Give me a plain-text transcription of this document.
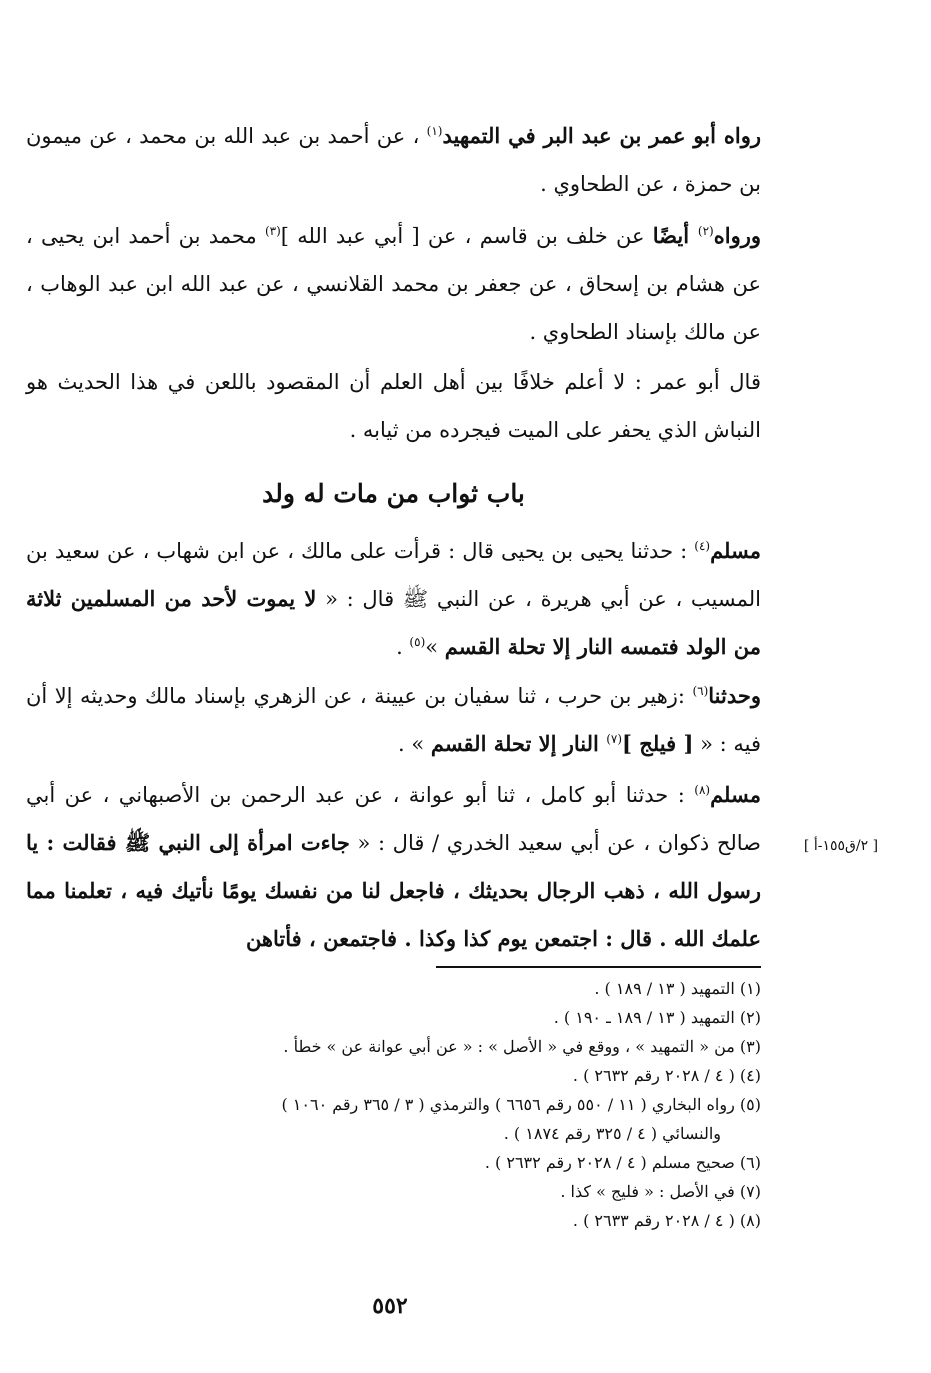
رواه أبو عمر بن عبد البر في التمهيد$^{(١)}$ ، عن أحمد بن عبد الله بن محمد ، عن ميمون بن حمزة ، عن الطحاوي .

ورواه$^{(٢)}$ أيضًا عن خلف بن قاسم ، عن [ أبي عبد الله ]$^{(٣)}$ محمد بن أحمد ابن يحيى ، عن هشام بن إسحاق ، عن جعفر بن محمد القلانسي ، عن عبد الله ابن عبد الوهاب ، عن مالك بإسناد الطحاوي .

قال أبو عمر : لا أعلم خلافًا بين أهل العلم أن المقصود باللعن في هذا الحديث هو النباش الذي يحفر على الميت فيجرده من ثيابه .

باب ثواب من مات له ولد

مسلم$^{(٤)}$ : حدثنا يحيى بن يحيى قال : قرأت على مالك ، عن ابن شهاب ، عن سعيد بن المسيب ، عن أبي هريرة ، عن النبي ﷺ قال : « لا يموت لأحد من المسلمين ثلاثة من الولد فتمسه النار إلا تحلة القسم »$^{(٥)}$ .

وحدثنا$^{(٦)}$ :زهير بن حرب ، ثنا سفيان بن عيينة ، عن الزهري بإسناد مالك وحديثه إلا أن فيه : « [ فيلج ]$^{(٧)}$ النار إلا تحلة القسم » .

مسلم$^{(٨)}$ : حدثنا أبو كامل ، ثنا أبو عوانة ، عن عبد الرحمن بن الأصبهاني ، عن أبي صالح ذكوان ، عن أبي سعيد الخدري / قال : « جاءت امرأة إلى النبي ﷺ فقالت : يا رسول الله ، ذهب الرجال بحديثك ، فاجعل لنا من نفسك يومًا نأتيك فيه ، تعلمنا مما علمك الله . قال : اجتمعن يوم كذا وكذا . فاجتمعن ، فأتاهن

[ ٢/ق١٥٥-أ ]
(١) التمهيد ( ١٣ / ١٨٩ ) .
(٢) التمهيد ( ١٣ / ١٨٩ ـ ١٩٠ ) .
(٣) من « التمهيد » ، ووقع في « الأصل » : « عن أبي عوانة عن » خطأ .
(٤) ( ٤ / ٢٠٢٨ رقم ٢٦٣٢ ) .
(٥) رواه البخاري ( ١١ / ٥٥٠ رقم ٦٦٥٦ ) والترمذي ( ٣ / ٣٦٥ رقم ١٠٦٠ )
والنسائي ( ٤ / ٣٢٥ رقم ١٨٧٤ ) .
(٦) صحيح مسلم ( ٤ / ٢٠٢٨ رقم ٢٦٣٢ ) .
(٧) في الأصل : « فليج » كذا .
(٨) ( ٤ / ٢٠٢٨ رقم ٢٦٣٣ ) .
٥٥٢
